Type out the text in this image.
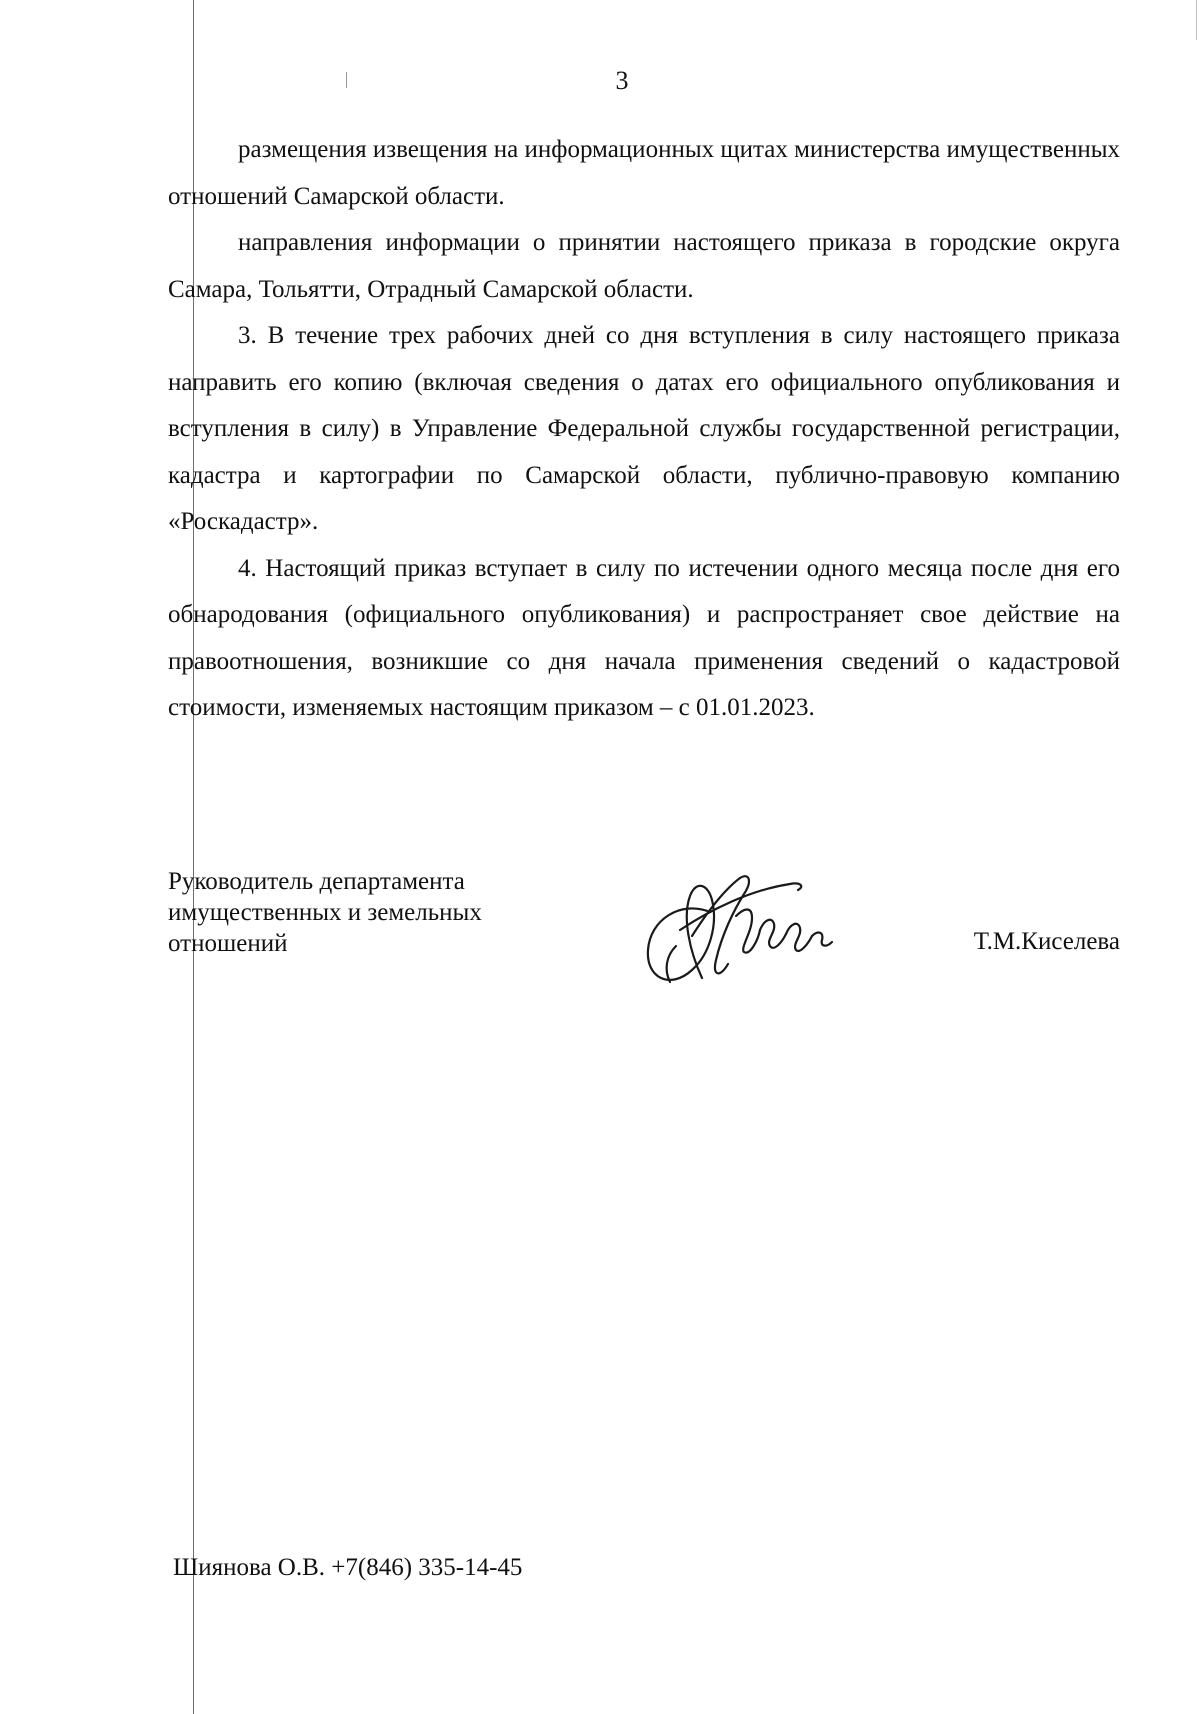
3

размещения извещения на информационных щитах министерства имущественных отношений Самарской области.

направления информации о принятии настоящего приказа в городские округа Самара, Тольятти, Отрадный Самарской области.

3. В течение трех рабочих дней со дня вступления в силу настоящего приказа направить его копию (включая сведения о датах его официального опубликования и вступления в силу) в Управление Федеральной службы государственной регистрации, кадастра и картографии по Самарской области, публично-правовую компанию «Роскадастр».

4. Настоящий приказ вступает в силу по истечении одного месяца после дня его обнародования (официального опубликования) и распространяет свое действие на правоотношения, возникшие со дня начала применения сведений о кадастровой стоимости, изменяемых настоящим приказом – с 01.01.2023.

Руководитель департамента
имущественных и земельных
отношений	Т.М.Киселева
Шиянова О.В. +7(846) 335-14-45
